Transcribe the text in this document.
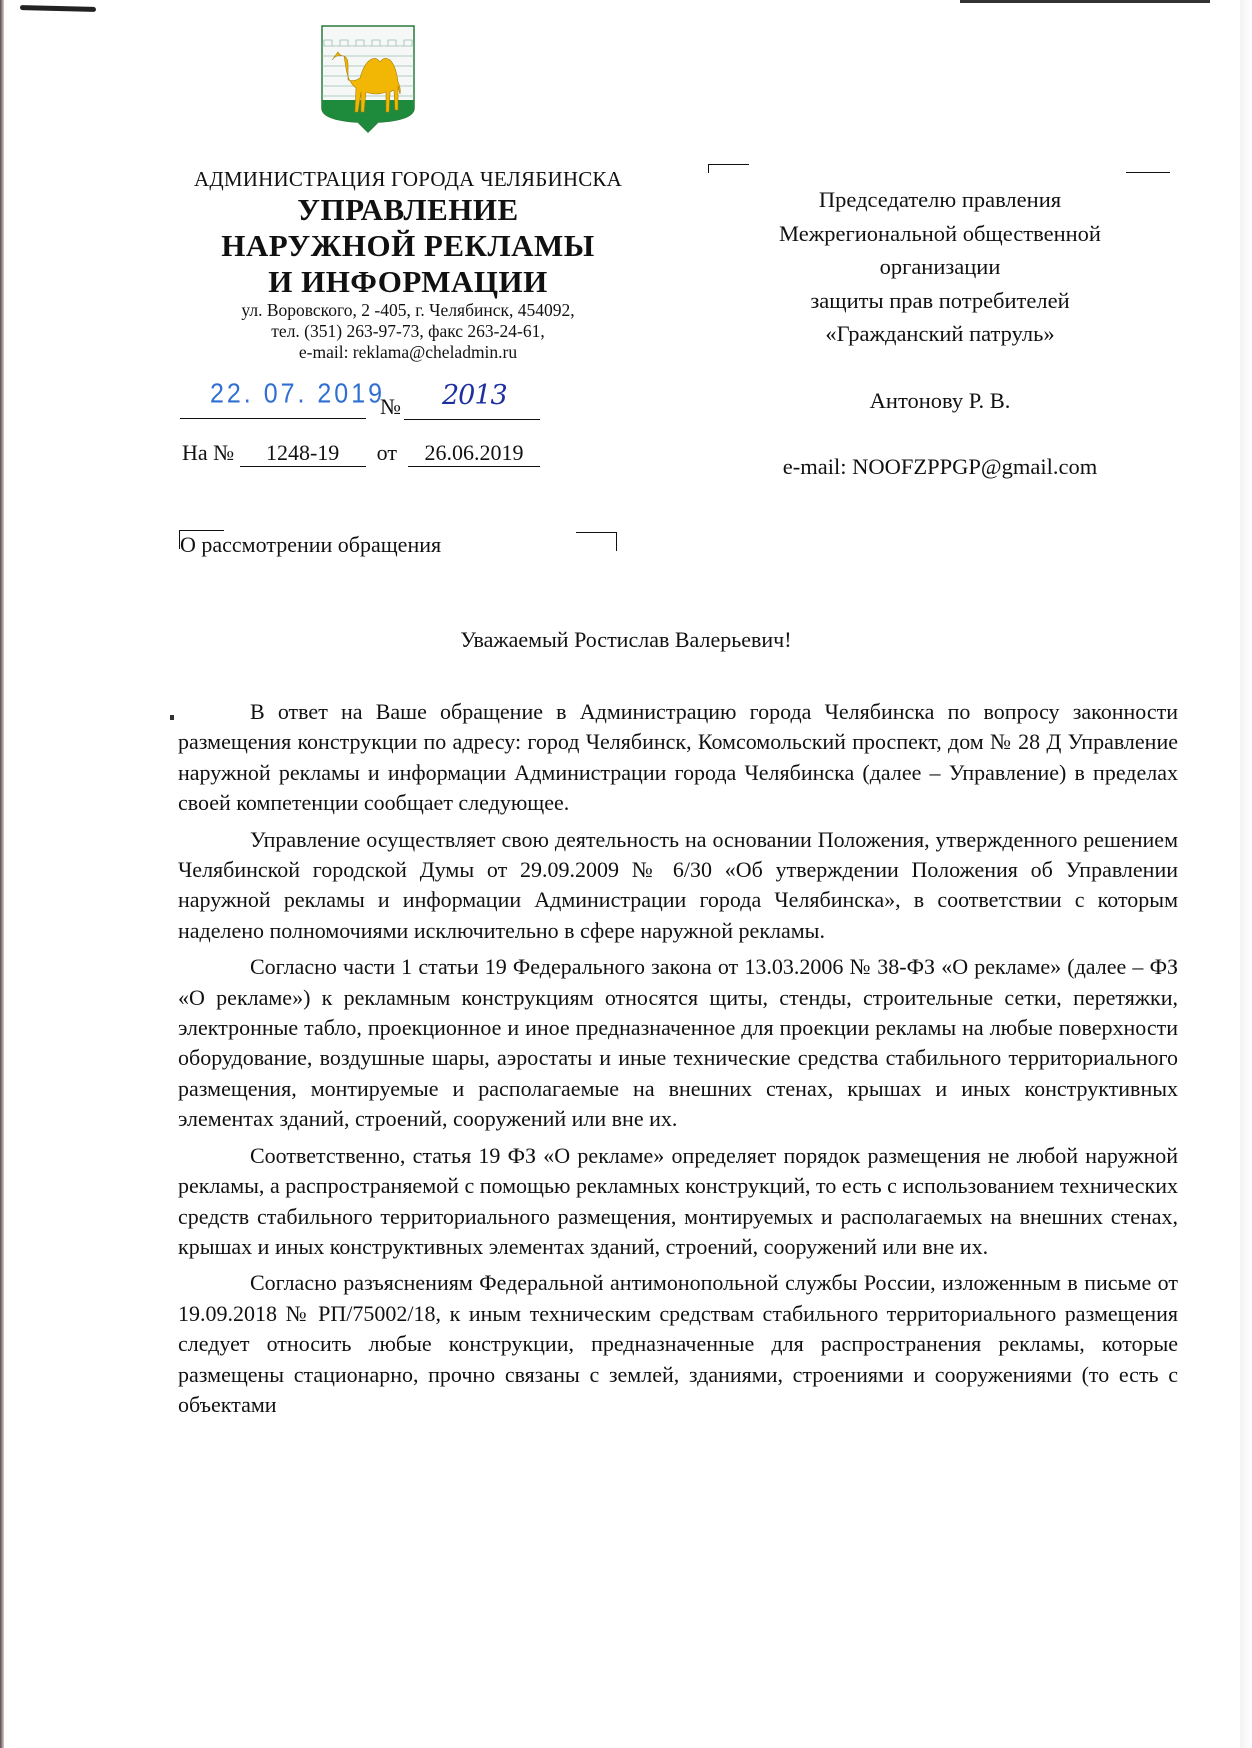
АДМИНИСТРАЦИЯ ГОРОДА ЧЕЛЯБИНСКА
УПРАВЛЕНИЕ
НАРУЖНОЙ РЕКЛАМЫ
И ИНФОРМАЦИИ
ул. Воровского, 2 -405, г. Челябинск, 454092,
тел. (351) 263-97-73, факс 263-24-61,
e-mail: reklama@cheladmin.ru
22. 07. 2019
№ 2013
На № 1248-19 от 26.06.2019
О рассмотрении обращения
Председателю правления
Межрегиональной общественной
организации
защиты прав потребителей
«Гражданский патруль»
Антонову Р. В.
e-mail: NOOFZPPGP@gmail.com
Уважаемый Ростислав Валерьевич!

В ответ на Ваше обращение в Администрацию города Челябинска по вопросу законности размещения конструкции по адресу: город Челябинск, Комсомольский проспект, дом № 28 Д Управление наружной рекламы и информации Администрации города Челябинска (далее – Управление) в пределах своей компетенции сообщает следующее.

Управление осуществляет свою деятельность на основании Положения, утвержденного решением Челябинской городской Думы от 29.09.2009 № 6/30 «Об утверждении Положения об Управлении наружной рекламы и информации Администрации города Челябинска», в соответствии с которым наделено полномочиями исключительно в сфере наружной рекламы.

Согласно части 1 статьи 19 Федерального закона от 13.03.2006 № 38-ФЗ «О рекламе» (далее – ФЗ «О рекламе») к рекламным конструкциям относятся щиты, стенды, строительные сетки, перетяжки, электронные табло, проекционное и иное предназначенное для проекции рекламы на любые поверхности оборудование, воздушные шары, аэростаты и иные технические средства стабильного территориального размещения, монтируемые и располагаемые на внешних стенах, крышах и иных конструктивных элементах зданий, строений, сооружений или вне их.

Соответственно, статья 19 ФЗ «О рекламе» определяет порядок размещения не любой наружной рекламы, а распространяемой с помощью рекламных конструкций, то есть с использованием технических средств стабильного территориального размещения, монтируемых и располагаемых на внешних стенах, крышах и иных конструктивных элементах зданий, строений, сооружений или вне их.

Согласно разъяснениям Федеральной антимонопольной службы России, изложенным в письме от 19.09.2018 № РП/75002/18, к иным техническим средствам стабильного территориального размещения следует относить любые конструкции, предназначенные для распространения рекламы, которые размещены стационарно, прочно связаны с землей, зданиями, строениями и сооружениями (то есть с объектами
